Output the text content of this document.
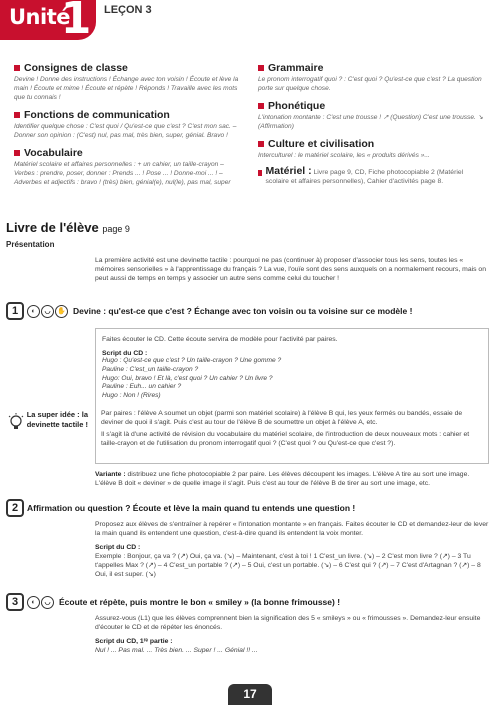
Unité
1	LEÇON 3
Consignes de classe
Devine ! Donne des instructions ! Échange avec ton voisin ! Écoute et lève la main ! Écoute et mime ! Écoute et répète ! Réponds ! Travaille avec les mots que tu connais !
Fonctions de communication
Identifier quelque chose : C'est quoi / Qu'est-ce que c'est ? C'est mon sac. – Donner son opinion : (C'est) nul, pas mal, très bien, super, génial. Bravo !
Vocabulaire
Matériel scolaire et affaires personnelles : + un cahier, un taille-crayon – Verbes : prendre, poser, donner : Prends ... ! Pose ... ! Donne-moi ... ! – Adverbes et adjectifs : bravo ! (très) bien, génial(e), nul(le), pas mal, super
Grammaire
Le pronom interrogatif quoi ? : C'est quoi ? Qu'est-ce que c'est ? La question porte sur quelque chose.
Phonétique
L'intonation montante : C'est une trousse ! ↗ (Question) C'est une trousse. ↘ (Affirmation)
Culture et civilisation
Interculturel : le matériel scolaire, les « produits dérivés »...
Matériel : Livre page 9, CD, Fiche photocopiable 2 (Matériel scolaire et affaires personnelles), Cahier d'activités page 8.
Livre de l'élève page 9
Présentation
La première activité est une devinette tactile : pourquoi ne pas (continuer à) proposer d'associer tous les sens, toutes les « mémoires sensorielles » à l'apprentissage du français ? La vue, l'ouïe sont des sens auxquels on a normalement recours, mais on peut aussi de temps en temps y associer un autre sens comme celui du toucher !
1	◐	◡ ✋ Devine : qu'est-ce que c'est ? Échange avec ton voisin ou ta voisine sur ce modèle !
Faites écouter le CD. Cette écoute servira de modèle pour l'activité par paires.
Script du CD :
Hugo : Qu'est-ce que c'est ? Un taille-crayon ? Une gomme ?
Pauline : C'est_un taille-crayon ?
Hugo: Oui, bravo ! Et là, c'est quoi ? Un cahier ? Un livre ?
Pauline : Euh... un cahier ?
Hugo : Non ! (Rires)
La super idée : la devinette tactile !
Par paires : l'élève A soumet un objet (parmi son matériel scolaire) à l'élève B qui, les yeux fermés ou bandés, essaie de deviner de quoi il s'agit. Puis c'est au tour de l'élève B de soumettre un objet à l'élève A, etc.
Il s'agit là d'une activité de révision du vocabulaire du matériel scolaire, de l'introduction de deux nouveaux mots : cahier et taille-crayon et de l'utilisation du pronom interrogatif quoi ? (C'est quoi ? ou Qu'est-ce que c'est ?).
Variante : distribuez une fiche photocopiable 2 par paire. Les élèves découpent les images. L'élève A tire au sort une image. L'élève B doit « deviner » de quelle image il s'agit. Puis c'est au tour de l'élève B de tirer au sort une image, etc.
2	Affirmation ou question ? Écoute et lève la main quand tu entends une question !
Proposez aux élèves de s'entraîner à repérer « l'intonation montante » en français. Faites écouter le CD et demandez-leur de lever la main quand ils entendent une question, c'est-à-dire quand ils entendent la voix monter.
Script du CD :
Exemple : Bonjour, ça va ? (↗) Oui, ça va. (↘) – Maintenant, c'est à toi ! 1 C'est_un livre. (↘) – 2 C'est mon livre ? (↗) – 3 Tu t'appelles Max ? (↗) – 4 C'est_un portable ? (↗) – 5 Oui, c'est un portable. (↘) – 6 C'est qui ? (↗) – 7 C'est d'Artagnan ? (↗) – 8 Oui, il est super. (↘)
3	◐	◡ Écoute et répète, puis montre le bon « smiley » (la bonne frimousse) !
Assurez-vous (L1) que les élèves comprennent bien la signification des 5 « smileys » ou « frimousses ». Demandez-leur ensuite d'écouter le CD et de répéter les énoncés.
Script du CD, 1ʳᵉ partie :
Nul ! ... Pas mal. ... Très bien. ... Super ! ... Génial !! ...
17
